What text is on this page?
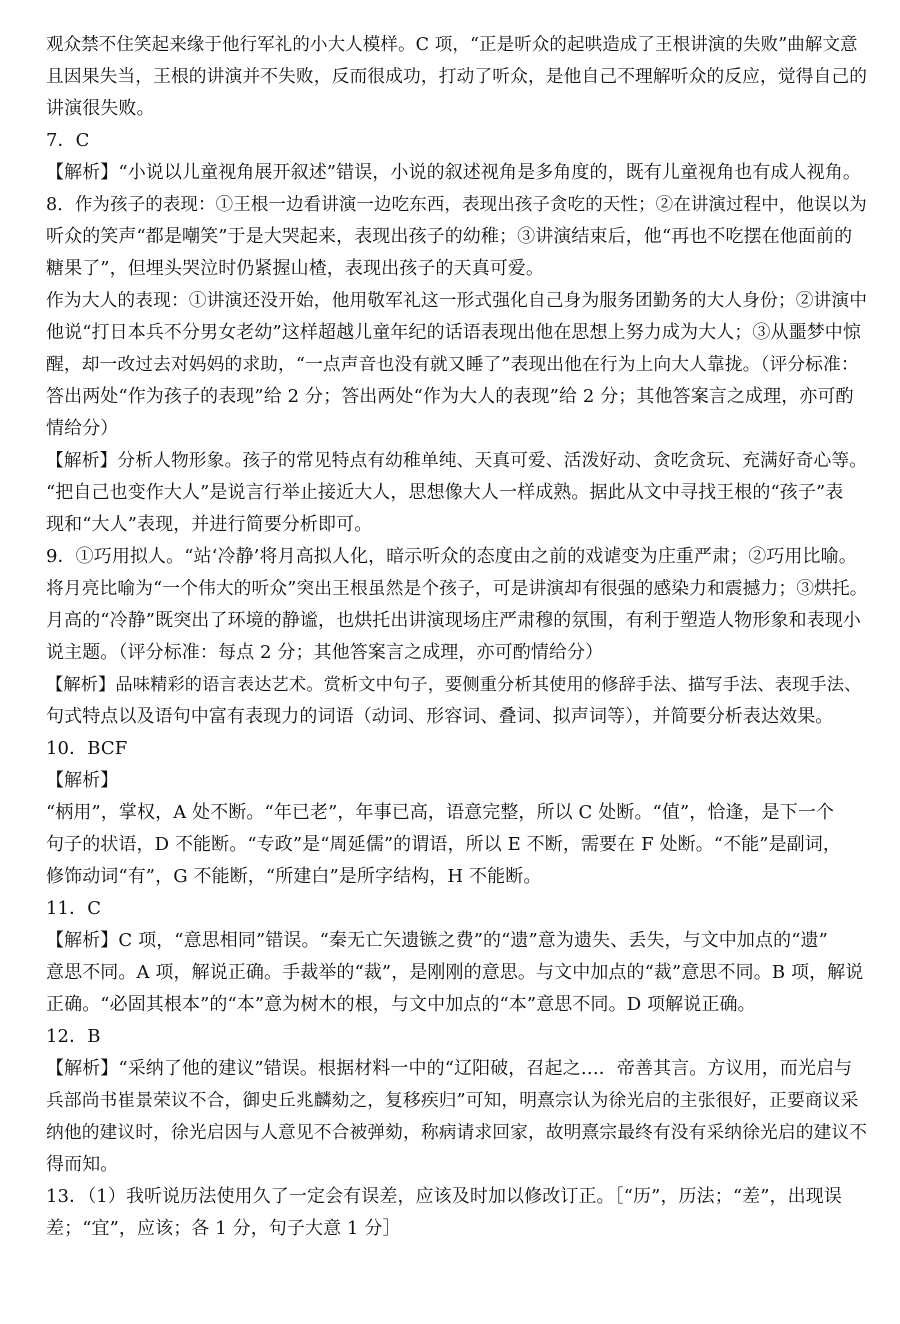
观众禁不住笑起来缘于他行军礼的小大人模样。C 项，“正是听众的起哄造成了王根讲演的失败”曲解文意
且因果失当，王根的讲演并不失败，反而很成功，打动了听众，是他自己不理解听众的反应，觉得自己的
讲演很失败。
7．C
【解析】“小说以儿童视角展开叙述”错误，小说的叙述视角是多角度的，既有儿童视角也有成人视角。
8．作为孩子的表现：①王根一边看讲演一边吃东西，表现出孩子贪吃的天性；②在讲演过程中，他误以为
听众的笑声“都是嘲笑”于是大哭起来，表现出孩子的幼稚；③讲演结束后，他“再也不吃摆在他面前的
糖果了”，但埋头哭泣时仍紧握山楂，表现出孩子的天真可爱。
作为大人的表现：①讲演还没开始，他用敬军礼这一形式强化自己身为服务团勤务的大人身份；②讲演中
他说“打日本兵不分男女老幼”这样超越儿童年纪的话语表现出他在思想上努力成为大人；③从噩梦中惊
醒，却一改过去对妈妈的求助，“一点声音也没有就又睡了”表现出他在行为上向大人靠拢。（评分标准：
答出两处“作为孩子的表现”给 2 分；答出两处“作为大人的表现”给 2 分；其他答案言之成理，亦可酌
情给分）
【解析】分析人物形象。孩子的常见特点有幼稚单纯、天真可爱、活泼好动、贪吃贪玩、充满好奇心等。
“把自己也变作大人”是说言行举止接近大人，思想像大人一样成熟。据此从文中寻找王根的“孩子”表
现和“大人”表现，并进行简要分析即可。
9．①巧用拟人。“站‘冷静’将月高拟人化，暗示听众的态度由之前的戏谑变为庄重严肃；②巧用比喻。
将月亮比喻为“一个伟大的听众”突出王根虽然是个孩子，可是讲演却有很强的感染力和震撼力；③烘托。
月高的“冷静”既突出了环境的静谧，也烘托出讲演现场庄严肃穆的氛围，有利于塑造人物形象和表现小
说主题。（评分标准：每点 2 分；其他答案言之成理，亦可酌情给分）
【解析】品味精彩的语言表达艺术。赏析文中句子，要侧重分析其使用的修辞手法、描写手法、表现手法、
句式特点以及语句中富有表现力的词语（动词、形容词、叠词、拟声词等），并简要分析表达效果。
10．BCF
【解析】
“柄用”，掌权，A 处不断。“年已老”，年事已高，语意完整，所以 C 处断。“值”，恰逢，是下一个
句子的状语，D 不能断。“专政”是“周延儒”的谓语，所以 E 不断，需要在 F 处断。“不能”是副词，
修饰动词“有”，G 不能断，“所建白”是所字结构，H 不能断。
11．C
【解析】C 项，“意思相同”错误。“秦无亡矢遗镞之费”的“遗”意为遗失、丢失，与文中加点的“遗”
意思不同。A 项，解说正确。手裁举的“裁”，是刚刚的意思。与文中加点的“裁”意思不同。B 项，解说
正确。“必固其根本”的“本”意为树木的根，与文中加点的“本”意思不同。D 项解说正确。
12．B
【解析】“采纳了他的建议”错误。根据材料一中的“辽阳破，召起之…．帝善其言。方议用，而光启与
兵部尚书崔景荣议不合，御史丘兆麟劾之，复移疾归”可知，明熹宗认为徐光启的主张很好，正要商议采
纳他的建议时，徐光启因与人意见不合被弹劾，称病请求回家，故明熹宗最终有没有采纳徐光启的建议不
得而知。
13．（1）我听说历法使用久了一定会有误差，应该及时加以修改订正。［“历”，历法；“差”，出现误
差；“宜”，应该；各 1 分，句子大意 1 分］
